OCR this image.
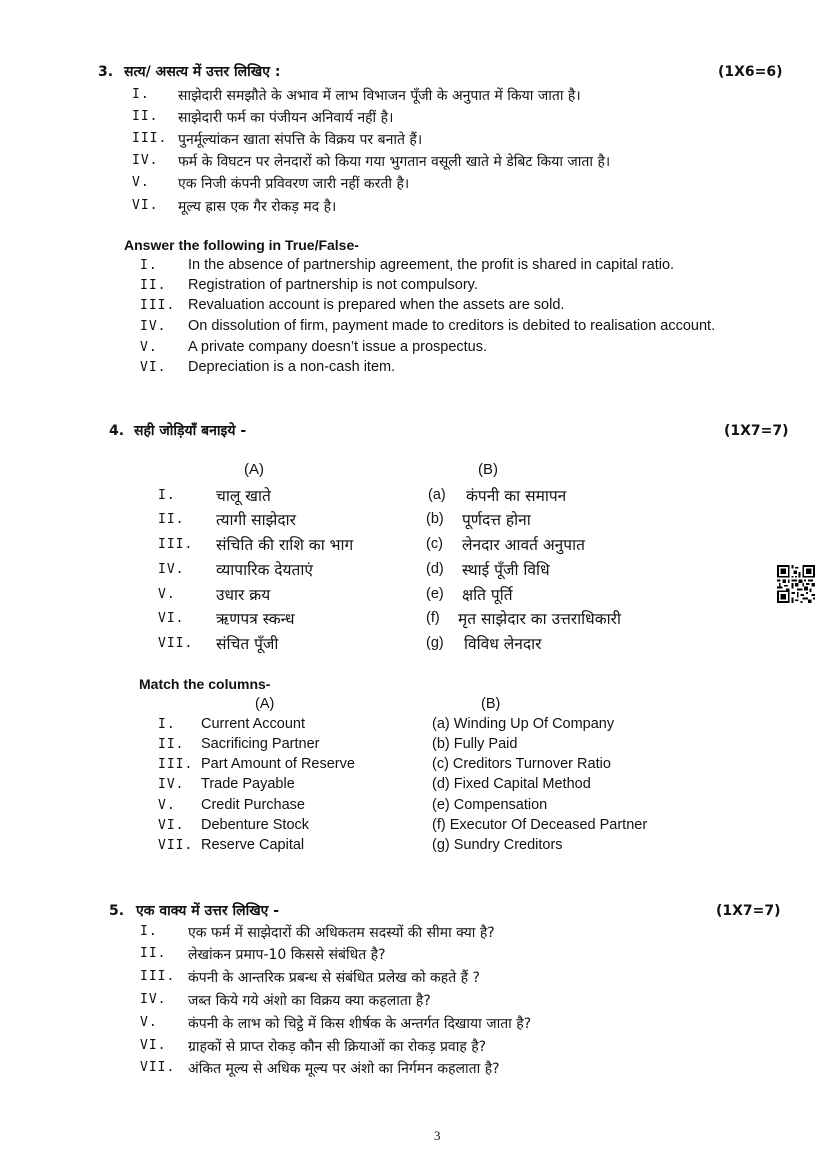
3. सत्य/ असत्य में उत्तर लिखिए :	(1X6=6)
I. साझेदारी समझौते के अभाव में लाभ विभाजन पूँजी के अनुपात में किया जाता है।
II. साझेदारी फर्म का पंजीयन अनिवार्य नहीं है।
III. पुनर्मूल्यांकन खाता संपत्ति के विक्रय पर बनाते हैं।
IV. फर्म के विघटन पर लेनदारों को किया गया भुगतान वसूली खाते मे डेबिट किया जाता है।
V. एक निजी कंपनी प्रविवरण जारी नहीं करती है।
VI. मूल्य ह्रास एक गैर रोकड़ मद है।
Answer the following in True/False-
I. In the absence of partnership agreement, the profit is shared in capital ratio.
II. Registration of partnership is not compulsory.
III. Revaluation account is prepared when the assets are sold.
IV. On dissolution of firm, payment made to creditors is debited to realisation account.
V. A private company doesn’t issue a prospectus.
VI. Depreciation is a non-cash item.
4. सही जोड़ियाँ बनाइये -	(1X7=7)
(A)	(B)
I.	चालू खाते	(a) कंपनी का समापन
II. त्यागी साझेदार	(b) पूर्णदत्त होना
III. संचिति की राशि का भाग	(c) लेनदार आवर्त अनुपात
IV. व्यापारिक देयताएं	(d) स्थाई पूँजी विधि
V.	उधार क्रय	(e) क्षति पूर्ति
VI. ऋणपत्र स्कन्ध	(f) मृत साझेदार का उत्तराधिकारी
VII. संचित पूँजी	(g) विविध लेनदार
Match the columns-
(A)	(B)
I. Current Account	(a) Winding Up Of Company
II. Sacrificing Partner	(b) Fully Paid
III. Part Amount of Reserve	(c) Creditors Turnover Ratio
IV. Trade Payable	(d) Fixed Capital Method
V. Credit Purchase	(e) Compensation
VI. Debenture Stock	(f) Executor Of Deceased Partner
VII. Reserve Capital	(g) Sundry Creditors
5. एक वाक्य में उत्तर लिखिए -	(1X7=7)
I. एक फर्म में साझेदारों की अधिकतम सदस्यों की सीमा क्या है?
II. लेखांकन प्रमाप-10 किससे संबंधित है?
III. कंपनी के आन्तरिक प्रबन्ध से संबंधित प्रलेख को कहते हैं ?
IV. जब्त किये गये अंशो का विक्रय क्या कहलाता है?
V. कंपनी के लाभ को चिट्ठे में किस शीर्षक के अन्तर्गत दिखाया जाता है?
VI. ग्राहकों से प्राप्त रोकड़ कौन सी क्रियाओं का रोकड़ प्रवाह है?
VII. अंकित मूल्य से अधिक मूल्य पर अंशो का निर्गमन कहलाता है?
3
